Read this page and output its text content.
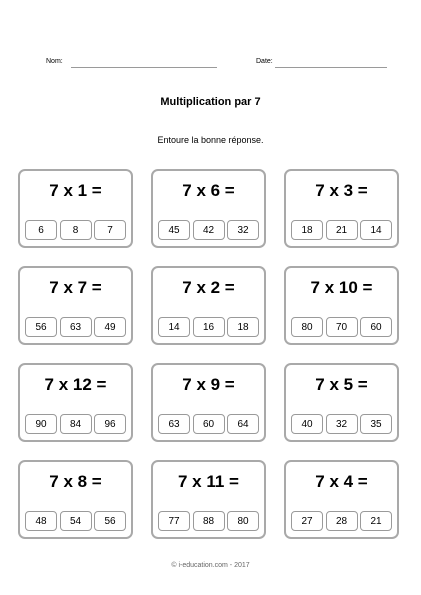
Nom:	Date:
Multiplication par 7
Entoure la bonne réponse.
7 x 1 =
6	8	7
7 x 6 =
45	42	32
7 x 3 =
18	21	14
7 x 7 =
56	63	49
7 x 2 =
14	16	18
7 x 10 =
80	70	60
7 x 12 =
90	84	96
7 x 9 =
63	60	64
7 x 5 =
40	32	35
7 x 8 =
48	54	56
7 x 11 =
77	88	80
7 x 4 =
27	28	21
© i-education.com - 2017
